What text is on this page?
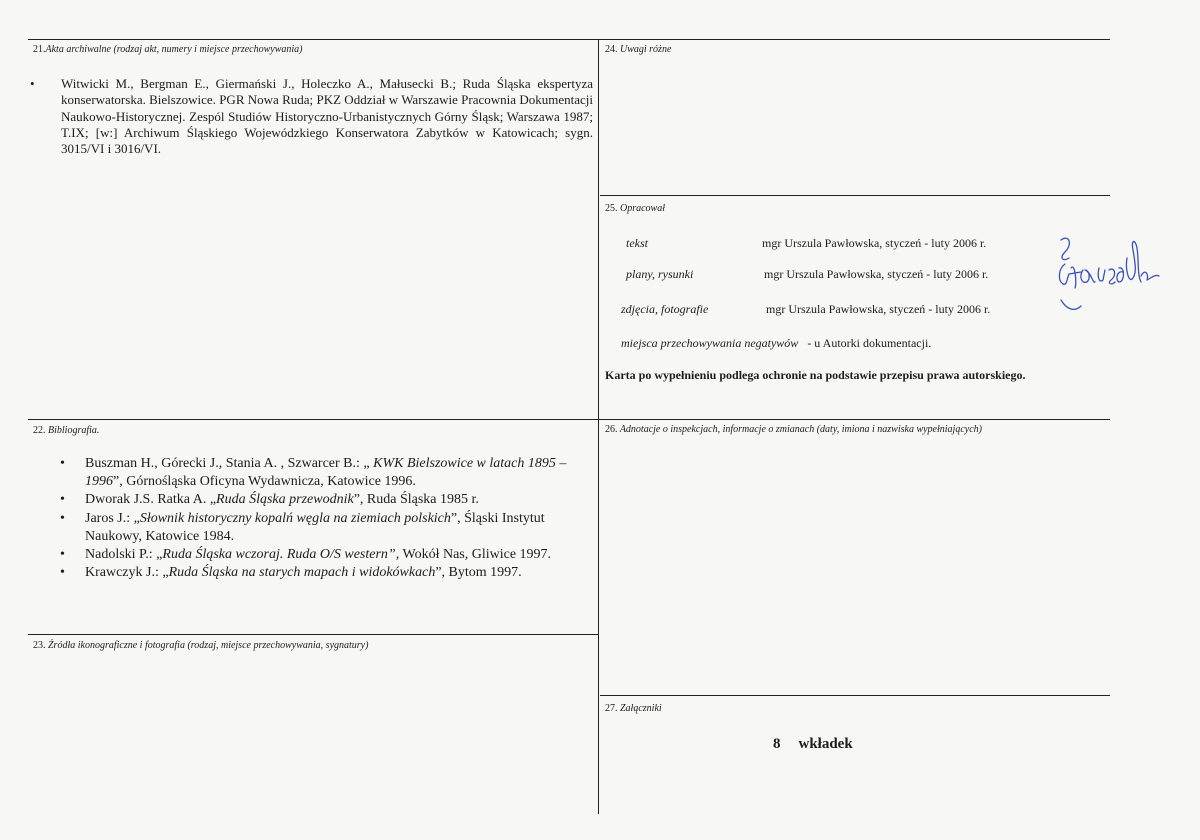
21.Akta archiwalne (rodzaj akt, numery i miejsce przechowywania)
• Witwicki M., Bergman E., Giermański J., Holeczko A., Małusecki B.; Ruda Śląska ekspertyza konserwatorska. Bielszowice. PGR Nowa Ruda; PKZ Oddział w Warszawie Pracownia Dokumentacji Naukowo-Historycznej. Zespól Studiów Historyczno-Urbanistycznych Górny Śląsk; Warszawa 1987; T.IX; [w:] Archiwum Śląskiego Wojewódzkiego Konserwatora Zabytków w Katowicach; sygn. 3015/VI i 3016/VI.
22. Bibliografia.
• Buszman H., Górecki J., Stania A. , Szwarcer B.: „ KWK Bielszowice w latach 1895 – 1996”, Górnośląska Oficyna Wydawnicza, Katowice 1996.
• Dworak J.S. Ratka A. „Ruda Śląska przewodnik”, Ruda Śląska 1985 r.
• Jaros J.: „Słownik historyczny kopalń węgla na ziemiach polskich”, Śląski Instytut Naukowy, Katowice 1984.
• Nadolski P.: „Ruda Śląska wczoraj. Ruda O/S western”, Wokół Nas, Gliwice 1997.
• Krawczyk J.: „Ruda Śląska na starych mapach i widokówkach”, Bytom 1997.
23. Źródła ikonograficzne i fotografia (rodzaj, miejsce przechowywania, sygnatury)
24. Uwagi różne
25. Opracował
tekst	mgr Urszula Pawłowska, styczeń - luty 2006 r.
plany, rysunki	mgr Urszula Pawłowska, styczeń - luty 2006 r.
zdjęcia, fotografie	mgr Urszula Pawłowska, styczeń - luty 2006 r.
miejsca przechowywania negatywów - u Autorki dokumentacji.
Karta po wypełnieniu podlega ochronie na podstawie przepisu prawa autorskiego.
26. Adnotacje o inspekcjach, informacje o zmianach (daty, imiona i nazwiska wypełniających)
27. Załączniki
8 wkładek
